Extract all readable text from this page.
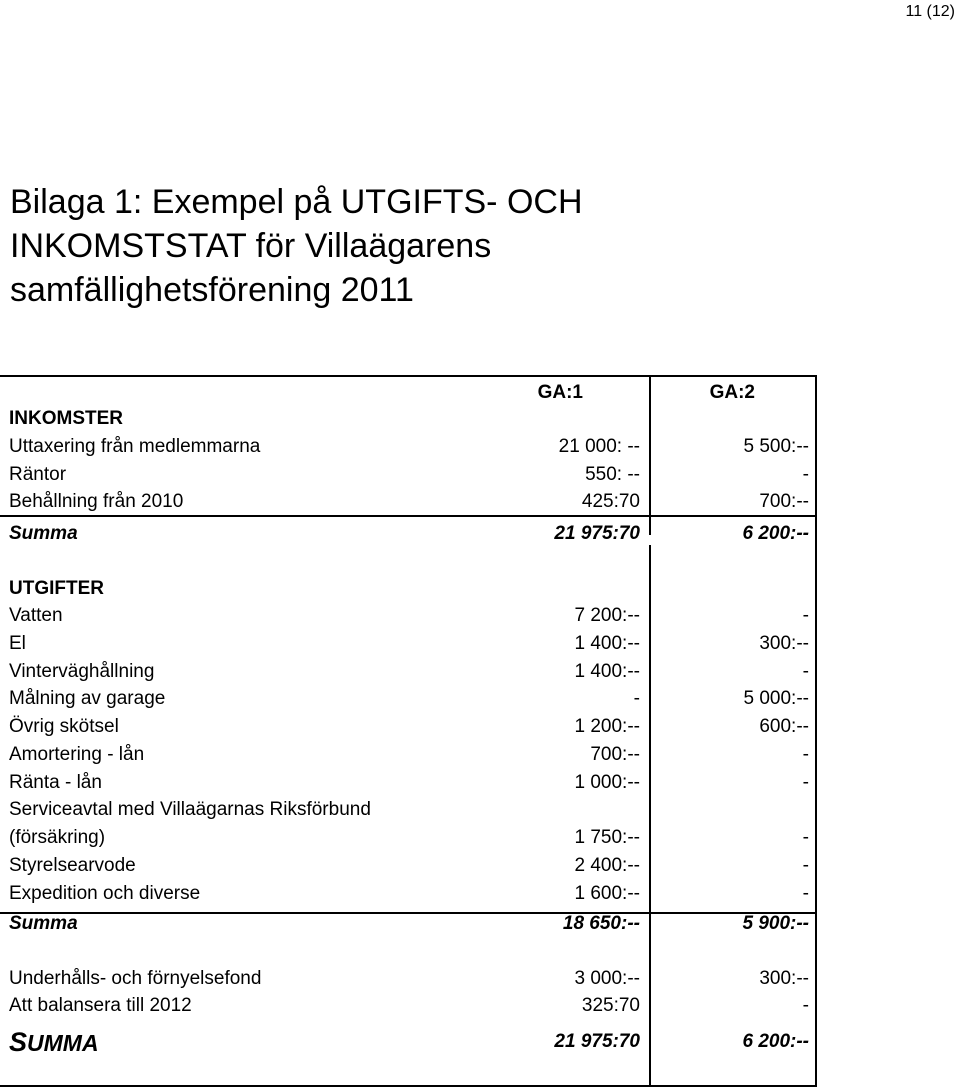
11 (12)
Bilaga 1: Exempel på UTGIFTS- OCH
INKOMSTSTAT för Villaägarens
samfällighetsförening 2011
GA:1	GA:2
INKOMSTER
Uttaxering från medlemmarna	21 000: --	5 500:--
Räntor	550: --	-
Behållning från 2010	425:70	700:--
Summa	21 975:70	6 200:--
UTGIFTER
Vatten	7 200:--	-
El	1 400:--	300:--
Vinterväghållning	1 400:--	-
Målning av garage	-	5 000:--
Övrig skötsel	1 200:--	600:--
Amortering - lån	700:--	-
Ränta - lån	1 000:--	-
Serviceavtal med Villaägarnas Riksförbund
(försäkring)	1 750:--	-
Styrelsearvode	2 400:--	-
Expedition och diverse	1 600:--	-
Summa	18 650:--	5 900:--
Underhålls- och förnyelsefond	3 000:--	300:--
Att balansera till 2012	325:70	-
SUMMA	21 975:70	6 200:--
